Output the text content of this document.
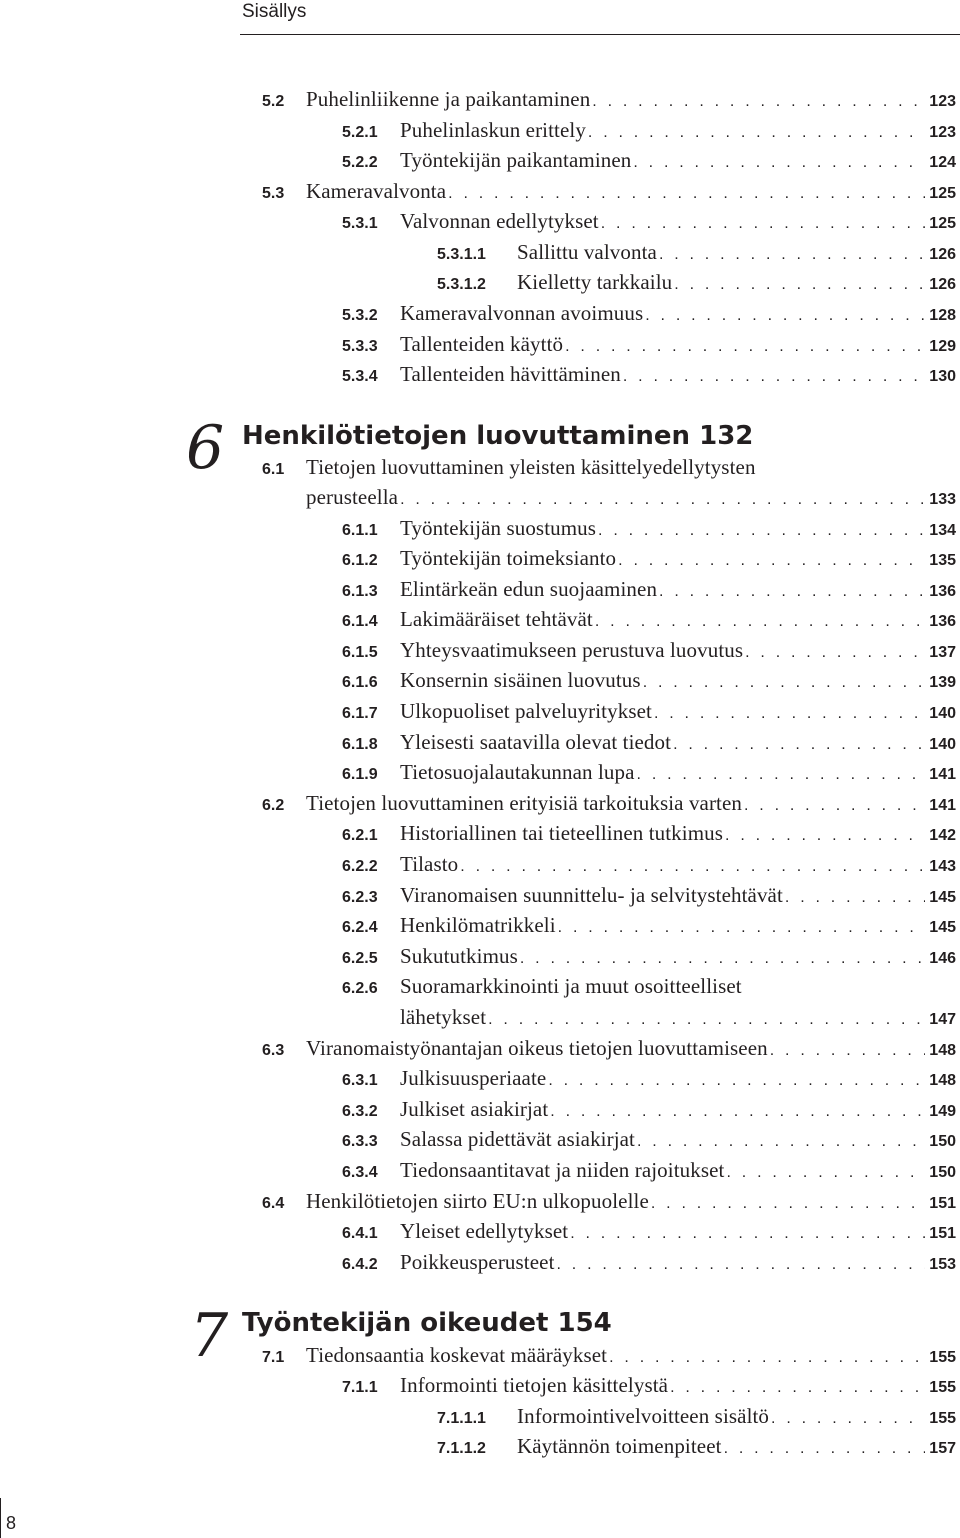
Sisällys
6 Henkilötietojen luovuttaminen 132
7 Työntekijän oikeudet 154
5.2	Puhelinliikenne ja paikantaminen . . .	123
5.2.1	Puhelinlaskun erittely . . .	123
5.2.2	Työntekijän paikantaminen . . .	124
5.3	Kameravalvonta . . .	125
5.3.1	Valvonnan edellytykset . . .	125
5.3.1.1	Sallittu valvonta . . .	126
5.3.1.2	Kielletty tarkkailu . . .	126
5.3.2	Kameravalvonnan avoimuus . . .	128
5.3.3	Tallenteiden käyttö . . .	129
5.3.4	Tallenteiden hävittäminen . . .	130
6.1	Tietojen luovuttaminen yleisten käsittelyedellytysten
perusteella . . .	133
6.1.1	Työntekijän suostumus . . .	134
6.1.2	Työntekijän toimeksianto . . .	135
6.1.3	Elintärkeän edun suojaaminen . . .	136
6.1.4	Lakimääräiset tehtävät . . .	136
6.1.5	Yhteysvaatimukseen perustuva luovutus . . .	137
6.1.6	Konsernin sisäinen luovutus . . .	139
6.1.7	Ulkopuoliset palveluyritykset . . .	140
6.1.8	Yleisesti saatavilla olevat tiedot . . .	140
6.1.9	Tietosuojalautakunnan lupa . . .	141
6.2	Tietojen luovuttaminen erityisiä tarkoituksia varten . . .	141
6.2.1	Historiallinen tai tieteellinen tutkimus . . .	142
6.2.2	Tilasto . . .	143
6.2.3	Viranomaisen suunnittelu- ja selvitystehtävät . . .	145
6.2.4	Henkilömatrikkeli . . .	145
6.2.5	Sukututkimus . . .	146
6.2.6	Suoramarkkinointi ja muut osoitteelliset
lähetykset . . .	147
6.3	Viranomaistyönantajan oikeus tietojen luovuttamiseen . . .	148
6.3.1	Julkisuusperiaate . . .	148
6.3.2	Julkiset asiakirjat . . .	149
6.3.3	Salassa pidettävät asiakirjat . . .	150
6.3.4	Tiedonsaantitavat ja niiden rajoitukset . . .	150
6.4	Henkilötietojen siirto EU:n ulkopuolelle . . .	151
6.4.1	Yleiset edellytykset . . .	151
6.4.2	Poikkeusperusteet . . .	153
7.1	Tiedonsaantia koskevat määräykset . . .	155
7.1.1	Informointi tietojen käsittelystä . . .	155
7.1.1.1	Informointivelvoitteen sisältö . . .	155
7.1.1.2	Käytännön toimenpiteet . . .	157
8
